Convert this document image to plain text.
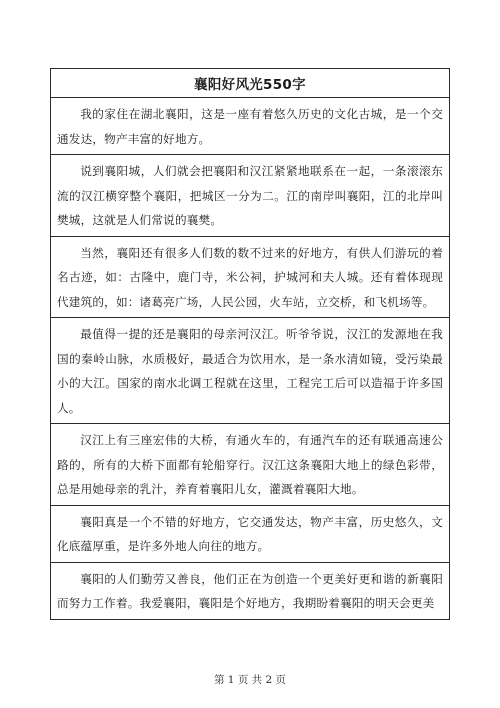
襄阳好风光550字
我的家住在湖北襄阳，这是一座有着悠久历史的文化古城，是一个交通发达，物产丰富的好地方。
说到襄阳城，人们就会把襄阳和汉江紧紧地联系在一起，一条滚滚东流的汉江横穿整个襄阳，把城区一分为二。江的南岸叫襄阳，江的北岸叫樊城，这就是人们常说的襄樊。
当然，襄阳还有很多人们数的数不过来的好地方，有供人们游玩的着名古迹，如：古隆中，鹿门寺，米公祠，护城河和夫人城。还有着体现现代建筑的，如：诸葛亮广场，人民公园，火车站，立交桥，和飞机场等。
最值得一提的还是襄阳的母亲河汉江。听爷爷说，汉江的发源地在我国的秦岭山脉，水质极好，最适合为饮用水，是一条水清如镜，受污染最小的大江。国家的南水北调工程就在这里，工程完工后可以造福于许多国人。
汉江上有三座宏伟的大桥，有通火车的，有通汽车的还有联通高速公路的，所有的大桥下面都有轮船穿行。汉江这条襄阳大地上的绿色彩带，总是用她母亲的乳汁，养育着襄阳儿女，灌溉着襄阳大地。
襄阳真是一个不错的好地方，它交通发达，物产丰富，历史悠久，文化底蕴厚重，是许多外地人向往的地方。
襄阳的人们勤劳又善良，他们正在为创造一个更美好更和谐的新襄阳而努力工作着。我爱襄阳，襄阳是个好地方，我期盼着襄阳的明天会更美
第 1 页 共 2 页
